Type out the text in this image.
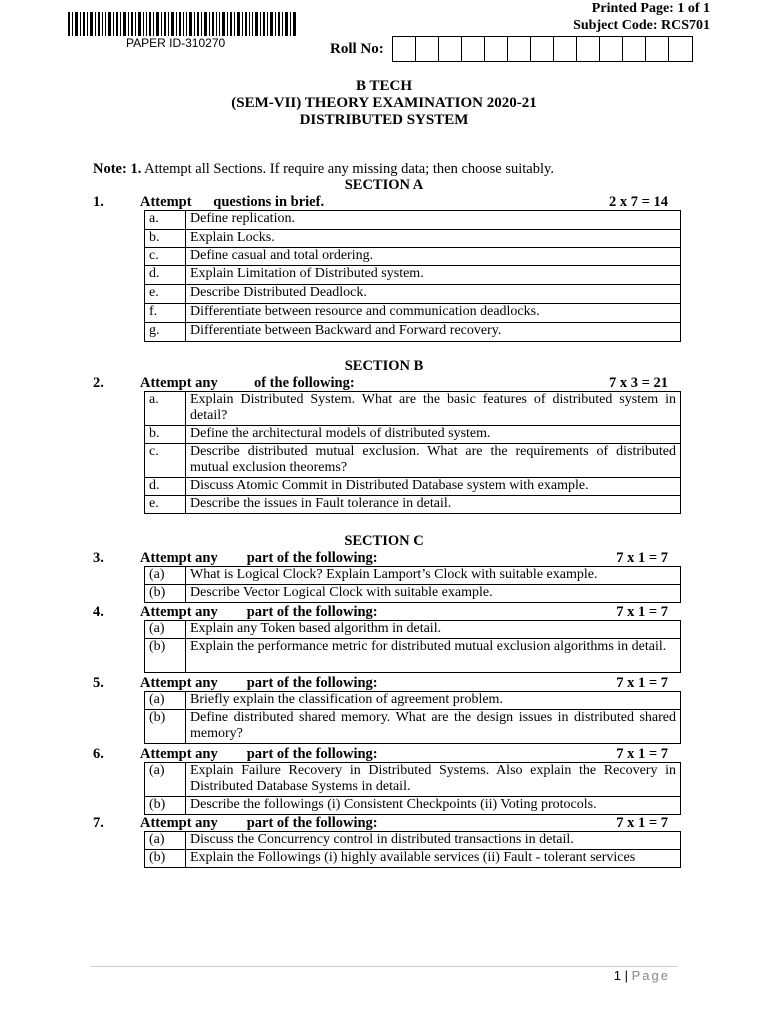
PAPER ID-310270
Printed Page: 1 of 1
Subject Code: RCS701
Roll No:
B TECH
(SEM-VII) THEORY EXAMINATION 2020-21
DISTRIBUTED SYSTEM
Note: 1. Attempt all Sections. If require any missing data; then choose suitably.
SECTION A
1. Attempt      questions in brief.	2 x 7 = 14
a.	Define replication.
b.	Explain Locks.
c.	Define casual and total ordering.
d.	Explain Limitation of Distributed system.
e.	Describe Distributed Deadlock.
f.	Differentiate between resource and communication deadlocks.
g.	Differentiate between Backward and Forward recovery.
SECTION B
2. Attempt any          of the following:	7 x 3 = 21
a.	Explain Distributed System. What are the basic features of distributed system in detail?
b.	Define the architectural models of distributed system.
c.	Describe distributed mutual exclusion. What are the requirements of distributed mutual exclusion theorems?
d.	Discuss Atomic Commit in Distributed Database system with example.
e.	Describe the issues in Fault tolerance in detail.
SECTION C
3. Attempt any        part of the following:	7 x 1 = 7
(a)	What is Logical Clock? Explain Lamport’s Clock with suitable example.
(b)	Describe Vector Logical Clock with suitable example.
4. Attempt any        part of the following:	7 x 1 = 7
(a)	Explain any Token based algorithm in detail.
(b)	Explain the performance metric for distributed mutual exclusion algorithms in detail.
5. Attempt any        part of the following:	7 x 1 = 7
(a)	Briefly explain the classification of agreement problem.
(b)	Define distributed shared memory. What are the design issues in distributed shared memory?
6. Attempt any        part of the following:	7 x 1 = 7
(a)	Explain Failure Recovery in Distributed Systems. Also explain the Recovery in Distributed Database Systems in detail.
(b)	Describe the followings (i) Consistent Checkpoints (ii) Voting protocols.
7. Attempt any        part of the following:	7 x 1 = 7
(a)	Discuss the Concurrency control in distributed transactions in detail.
(b)	Explain the Followings (i) highly available services (ii) Fault - tolerant services
1 | Page
